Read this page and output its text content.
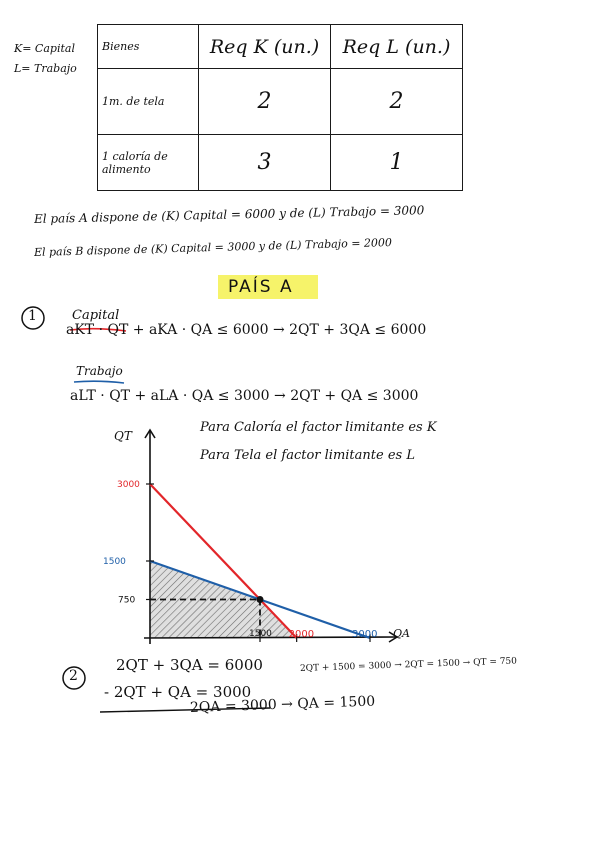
K= Capital
L= Trabajo
Bienes	Req K (un.)	Req L (un.)
1m. de tela	2	2
1 caloría de alimento	3	1
El país A dispone de (K) Capital = 6000 y de (L) Trabajo = 3000
El país B dispone de (K) Capital = 3000 y de (L) Trabajo = 2000
PAÍS A
1	Capital
aKT · QT + aKA · QA ≤ 6000 → 2QT + 3QA ≤ 6000
Trabajo
aLT · QT + aLA · QA ≤ 3000 → 2QT + QA ≤ 3000
Para Caloría el factor limitante es K
Para Tela el factor limitante es L
QT
QA
3000
1500
750
1500 2000	3000
2
2QT + 3QA = 6000
- 2QT + QA = 3000
2QT + 1500 = 3000 → 2QT = 1500 → QT = 750
2QA = 3000 → QA = 1500
